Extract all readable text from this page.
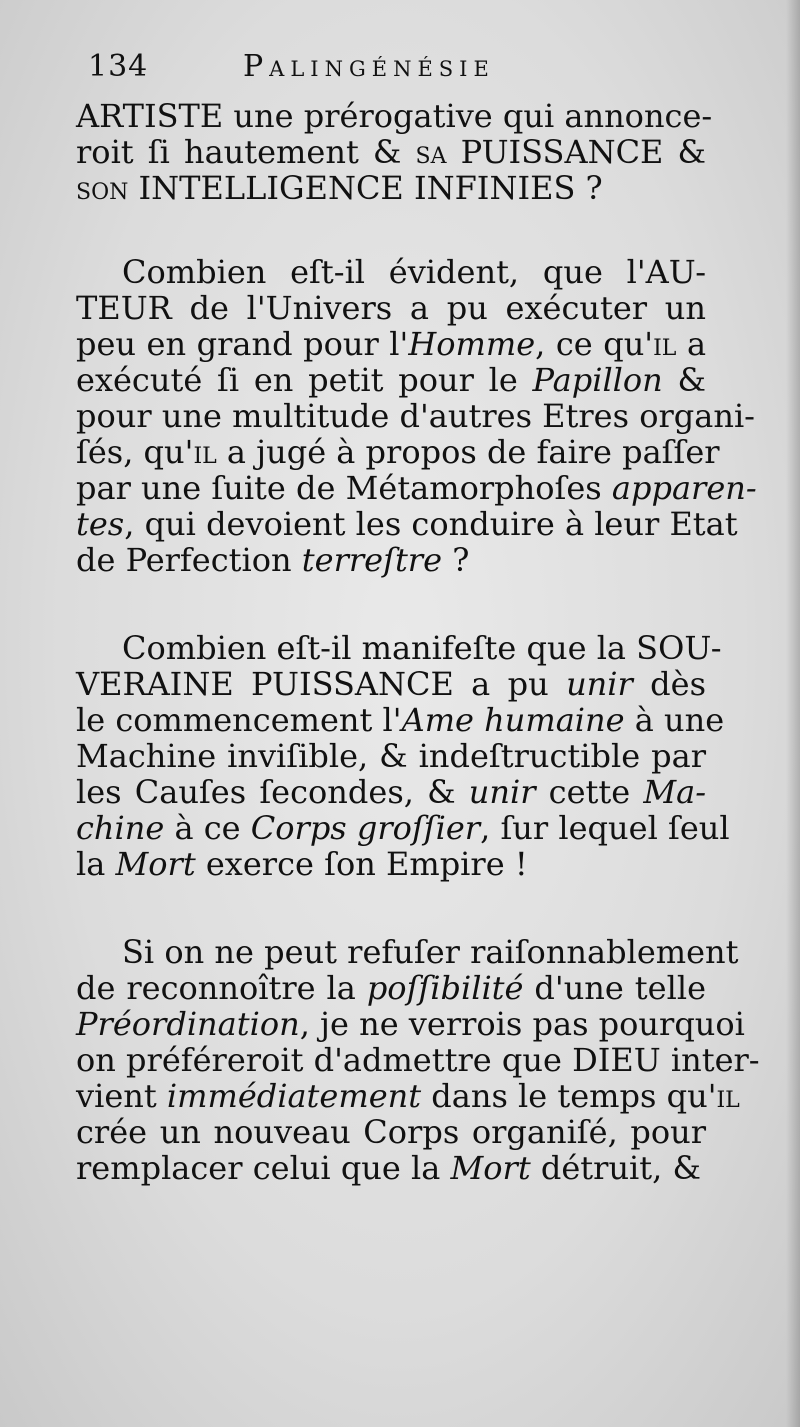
134	Palingénésie

ARTISTE une prérogative qui annonce-
roit ſi hautement & sa PUISSANCE &
son INTELLIGENCE INFINIES ?

Combien eſt-il évident, que l'AU-
TEUR de l'Univers a pu exécuter un
peu en grand pour l'Homme, ce qu'il a
exécuté ſi en petit pour le Papillon &
pour une multitude d'autres Etres organi-
ſés, qu'il a jugé à propos de faire paſſer
par une ſuite de Métamorphoſes apparen-
tes, qui devoient les conduire à leur Etat
de Perfection terreſtre ?

Combien eſt-il manifeſte que la SOU-
VERAINE PUISSANCE a pu unir dès
le commencement l'Ame humaine à une
Machine inviſible, & indeſtructible par
les Cauſes ſecondes, & unir cette Ma-
chine à ce Corps groſſier, ſur lequel ſeul
la Mort exerce ſon Empire !

Si on ne peut refuſer raiſonnablement
de reconnoître la poſſibilité d'une telle
Préordination, je ne verrois pas pourquoi
on préféreroit d'admettre que DIEU inter-
vient immédiatement dans le temps qu'il
crée un nouveau Corps organiſé, pour
remplacer celui que la Mort détruit, &
